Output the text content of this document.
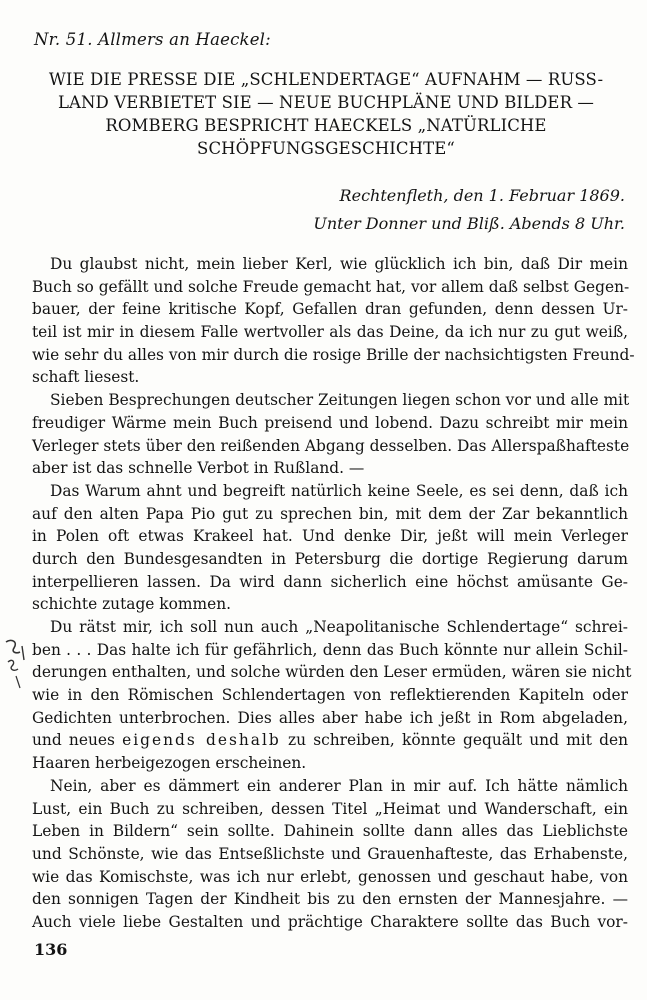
Nr. 51. Allmers an Haeckel:
WIE DIE PRESSE DIE „SCHLENDERTAGE“ AUFNAHM — RUSS-
LAND VERBIETET SIE — NEUE BUCHPLÄNE UND BILDER —
ROMBERG BESPRICHT HAECKELS „NATÜRLICHE
SCHÖPFUNGSGESCHICHTE“
Rechtenfleth, den 1. Februar 1869.
Unter Donner und Bliß. Abends 8 Uhr.
Du glaubst nicht, mein lieber Kerl, wie glücklich ich bin, daß Dir mein
Buch so gefällt und solche Freude gemacht hat, vor allem daß selbst Gegen-
bauer, der feine kritische Kopf, Gefallen dran gefunden, denn dessen Ur-
teil ist mir in diesem Falle wertvoller als das Deine, da ich nur zu gut weiß,
wie sehr du alles von mir durch die rosige Brille der nachsichtigsten Freund-
schaft liesest.
Sieben Besprechungen deutscher Zeitungen liegen schon vor und alle mit
freudiger Wärme mein Buch preisend und lobend. Dazu schreibt mir mein
Verleger stets über den reißenden Abgang desselben. Das Allerspaßhafteste
aber ist das schnelle Verbot in Rußland. —
Das Warum ahnt und begreift natürlich keine Seele, es sei denn, daß ich
auf den alten Papa Pio gut zu sprechen bin, mit dem der Zar bekanntlich
in Polen oft etwas Krakeel hat. Und denke Dir, jeßt will mein Verleger
durch den Bundesgesandten in Petersburg die dortige Regierung darum
interpellieren lassen. Da wird dann sicherlich eine höchst amüsante Ge-
schichte zutage kommen.
Du rätst mir, ich soll nun auch „Neapolitanische Schlendertage“ schrei-
ben . . . Das halte ich für gefährlich, denn das Buch könnte nur allein Schil-
derungen enthalten, und solche würden den Leser ermüden, wären sie nicht
wie in den Römischen Schlendertagen von reflektierenden Kapiteln oder
Gedichten unterbrochen. Dies alles aber habe ich jeßt in Rom abgeladen,
und neues eigends deshalb zu schreiben, könnte gequält und mit den
Haaren herbeigezogen erscheinen.
Nein, aber es dämmert ein anderer Plan in mir auf. Ich hätte nämlich
Lust, ein Buch zu schreiben, dessen Titel „Heimat und Wanderschaft, ein
Leben in Bildern“ sein sollte. Dahinein sollte dann alles das Lieblichste
und Schönste, wie das Entseßlichste und Grauenhafteste, das Erhabenste,
wie das Komischste, was ich nur erlebt, genossen und geschaut habe, von
den sonnigen Tagen der Kindheit bis zu den ernsten der Mannesjahre. —
Auch viele liebe Gestalten und prächtige Charaktere sollte das Buch vor-
136
